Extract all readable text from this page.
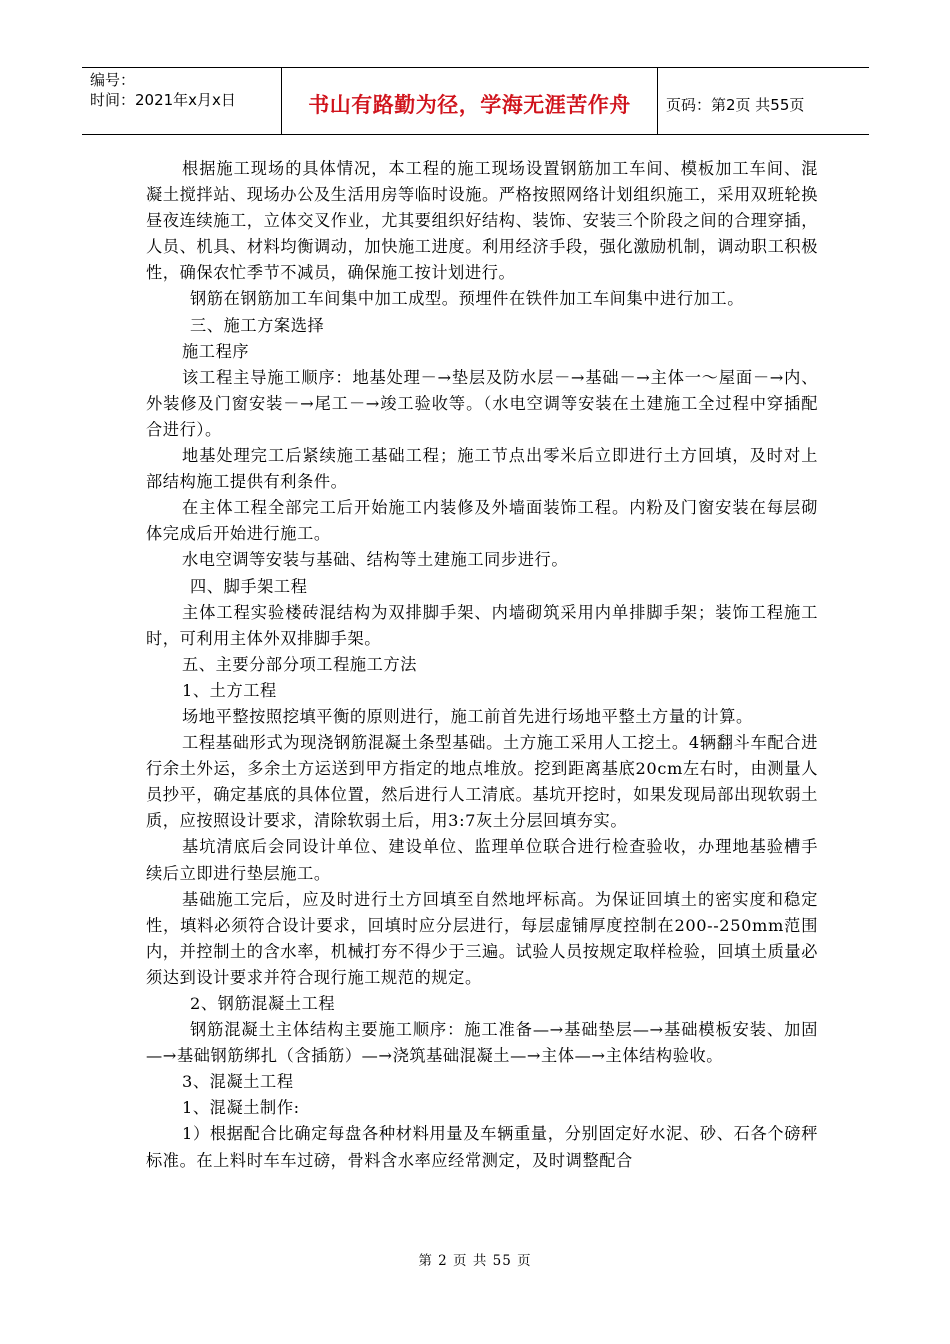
编号：
时间：2021年x月x日	书山有路勤为径，学海无涯苦作舟	页码：第2页 共55页

根据施工现场的具体情况，本工程的施工现场设置钢筋加工车间、模板加工车间、混凝土搅拌站、现场办公及生活用房等临时设施。严格按照网络计划组织施工，采用双班轮换昼夜连续施工，立体交叉作业，尤其要组织好结构、装饰、安装三个阶段之间的合理穿插，人员、机具、材料均衡调动，加快施工进度。利用经济手段，强化激励机制，调动职工积极性，确保农忙季节不减员，确保施工按计划进行。

钢筋在钢筋加工车间集中加工成型。预埋件在铁件加工车间集中进行加工。

三、施工方案选择

施工程序

该工程主导施工顺序：地基处理－→垫层及防水层－→基础－→主体一～屋面－→内、外装修及门窗安装－→尾工－→竣工验收等。（水电空调等安装在土建施工全过程中穿插配合进行）。

地基处理完工后紧续施工基础工程；施工节点出零米后立即进行土方回填，及时对上部结构施工提供有利条件。

在主体工程全部完工后开始施工内装修及外墙面装饰工程。内粉及门窗安装在每层砌体完成后开始进行施工。

水电空调等安装与基础、结构等土建施工同步进行。

四、脚手架工程

主体工程实验楼砖混结构为双排脚手架、内墙砌筑采用内单排脚手架；装饰工程施工时，可利用主体外双排脚手架。

五、主要分部分项工程施工方法

1、土方工程

场地平整按照挖填平衡的原则进行，施工前首先进行场地平整土方量的计算。

工程基础形式为现浇钢筋混凝土条型基础。土方施工采用人工挖土。4辆翻斗车配合进行余土外运，多余土方运送到甲方指定的地点堆放。挖到距离基底20cm左右时，由测量人员抄平，确定基底的具体位置，然后进行人工清底。基坑开挖时，如果发现局部出现软弱土质，应按照设计要求，清除软弱土后，用3:7灰土分层回填夯实。

基坑清底后会同设计单位、建设单位、监理单位联合进行检查验收，办理地基验槽手续后立即进行垫层施工。

基础施工完后，应及时进行土方回填至自然地坪标高。为保证回填土的密实度和稳定性，填料必须符合设计要求，回填时应分层进行，每层虚铺厚度控制在200--250mm范围内，并控制土的含水率，机械打夯不得少于三遍。试验人员按规定取样检验，回填土质量必须达到设计要求并符合现行施工规范的规定。

2、钢筋混凝土工程

钢筋混凝土主体结构主要施工顺序：施工准备—→基础垫层—→基础模板安装、加固—→基础钢筋绑扎（含插筋）—→浇筑基础混凝土—→主体—→主体结构验收。

3、混凝土工程

1、混凝土制作:

1）根据配合比确定每盘各种材料用量及车辆重量，分别固定好水泥、砂、石各个磅秤标准。在上料时车车过磅，骨料含水率应经常测定，及时调整配合

第 2 页 共 55 页
